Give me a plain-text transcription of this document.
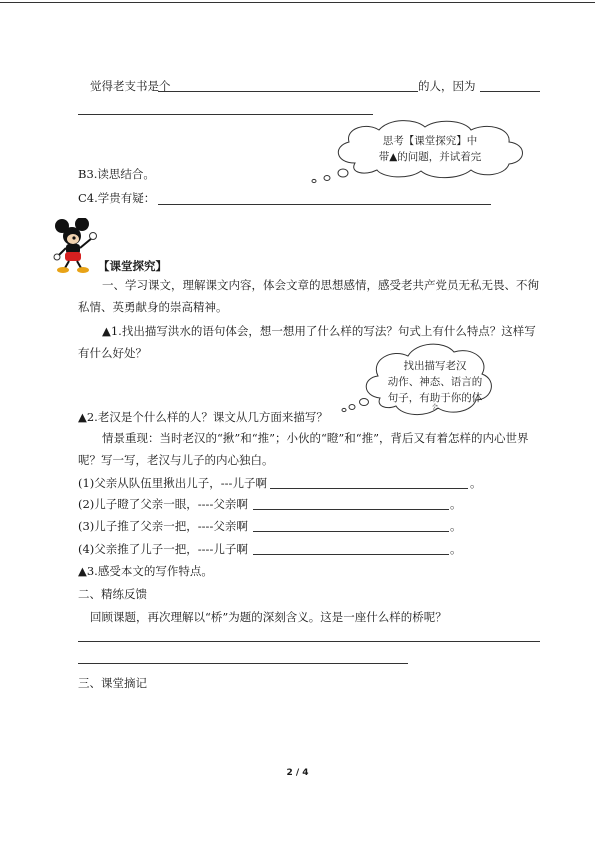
觉得老支书是个	的人，因为
思考【课堂探究】中
带▲的问题，并试着完
B3.读思结合。
C4.学贵有疑：
【课堂探究】
一、学习课文，理解课文内容，体会文章的思想感情，感受老共产党员无私无畏、不徇私情、英勇献身的崇高精神。
▲1.找出描写洪水的语句体会，想一想用了什么样的写法？句式上有什么特点？这样写有什么好处？
找出描写老汉
动作、神态、语言的
句子，有助于你的体
会
▲2.老汉是个什么样的人？课文从几方面来描写？
情景重现：当时老汉的“揪”和“推”；小伙的“瞪”和“推”，背后又有着怎样的内心世界呢？写一写，老汉与儿子的内心独白。
(1)父亲从队伍里揪出儿子，---儿子啊	。
(2)儿子瞪了父亲一眼，----父亲啊	。
(3)儿子推了父亲一把，----父亲啊	。
(4)父亲推了儿子一把，----儿子啊	。
▲3.感受本文的写作特点。
二、精练反馈
回顾课题，再次理解以“桥”为题的深刻含义。这是一座什么样的桥呢？
三、课堂摘记
2 / 4
